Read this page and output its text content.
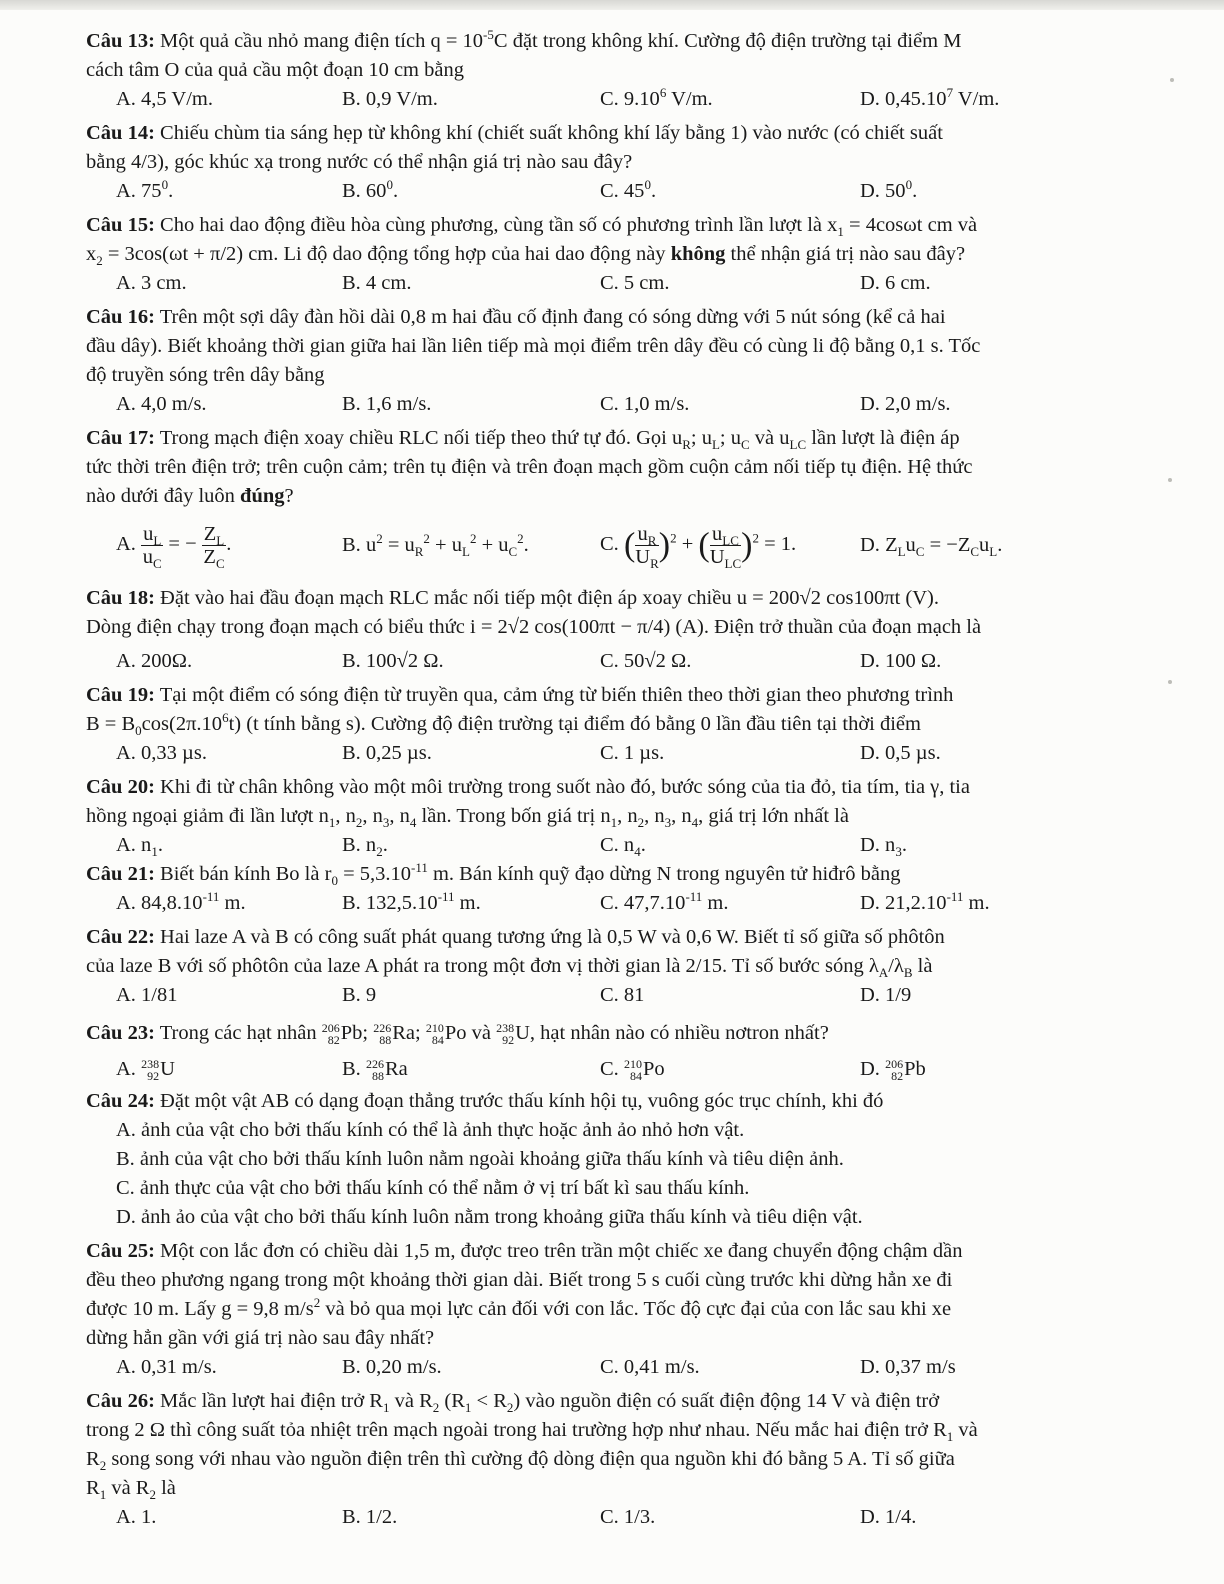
Câu 13: Một quả cầu nhỏ mang điện tích $q = 10^{-5}C$ đặt trong không khí. Cường độ điện trường tại điểm M
cách tâm O của quả cầu một đoạn 10 cm bằng
A. 4,5 V/m.	B. 0,9 V/m.	C. 9.10$^6$ V/m.	D. 0,45.10$^7$ V/m.
Câu 14: Chiếu chùm tia sáng hẹp từ không khí (chiết suất không khí lấy bằng 1) vào nước (có chiết suất
bằng 4/3), góc khúc xạ trong nước có thể nhận giá trị nào sau đây?
A. $75^0$.	B. $60^0$.	C. $45^0$.	D. $50^0$.
Câu 15: Cho hai dao động điều hòa cùng phương, cùng tần số có phương trình lần lượt là $x_1 = 4\cos\omega t$ cm và
$x_2 = 3\cos(\omega t + \pi/2)$ cm. Li độ dao động tổng hợp của hai dao động này không thể nhận giá trị nào sau đây?
A. 3 cm.	B. 4 cm.	C. 5 cm.	D. 6 cm.
Câu 16: Trên một sợi dây đàn hồi dài 0,8 m hai đầu cố định đang có sóng dừng với 5 nút sóng (kể cả hai
đầu dây). Biết khoảng thời gian giữa hai lần liên tiếp mà mọi điểm trên dây đều có cùng li độ bằng 0,1 s. Tốc
độ truyền sóng trên dây bằng
A. 4,0 m/s.	B. 1,6 m/s.	C. 1,0 m/s.	D. 2,0 m/s.
Câu 17: Trong mạch điện xoay chiều RLC nối tiếp theo thứ tự đó. Gọi $u_R$; $u_L$; $u_C$ và $u_{LC}$ lần lượt là điện áp
tức thời trên điện trở; trên cuộn cảm; trên tụ điện và trên đoạn mạch gồm cuộn cảm nối tiếp tụ điện. Hệ thức
nào dưới đây luôn đúng?
A. $\frac{u_L}{u_C}$ = − $\frac{Z_L}{Z_C}$ .	B. $u^2 = u_R^2 + u_L^2 + u_C^2$.	C. ( $\frac{u_R}{U_R} )^2$ + ( $u_{LC}$
$U_{LC}$
)$^2$ = 1.	D. $Z_Lu_C = -Z_Cu_L$.
Câu 18: Đặt vào hai đầu đoạn mạch RLC mắc nối tiếp một điện áp xoay chiều u = 200√2 cos100πt (V).
Dòng điện chạy trong đoạn mạch có biểu thức i = 2√2 cos(100πt − π/4) (A). Điện trở thuần của đoạn mạch là
A. 200Ω.	B. 100√2 Ω.	C. 50√2 Ω.	D. 100 Ω.
Câu 19: Tại một điểm có sóng điện từ truyền qua, cảm ứng từ biến thiên theo thời gian theo phương trình
$B = B_0\cos(2\pi.10^6t)$ (t tính bằng s). Cường độ điện trường tại điểm đó bằng 0 lần đầu tiên tại thời điểm
A. 0,33 µs.	B. 0,25 µs.	C. 1 µs.	D. 0,5 µs.
Câu 20: Khi đi từ chân không vào một môi trường trong suốt nào đó, bước sóng của tia đỏ, tia tím, tia γ, tia
hồng ngoại giảm đi lần lượt $n_1$, $n_2$, $n_3$, $n_4$ lần. Trong bốn giá trị $n_1$, $n_2$, $n_3$, $n_4$, giá trị lớn nhất là
A. $n_1$.	B. $n_2$.	C. $n_4$.	D. $n_3$.
Câu 21: Biết bán kính Bo là $r_0 = 5,3.10^{-11}$ m. Bán kính quỹ đạo dừng N trong nguyên tử hiđrô bằng
A. $84,8.10^{-11}$ m.	B. $132,5.10^{-11}$ m.	C. $47,7.10^{-11}$ m.	D. $21,2.10^{-11}$ m.
Câu 22: Hai laze A và B có công suất phát quang tương ứng là 0,5 W và 0,6 W. Biết tỉ số giữa số phôtôn
của laze B với số phôtôn của laze A phát ra trong một đơn vị thời gian là 2/15. Tỉ số bước sóng $\lambda_A/\lambda_B$ là
A. 1/81	B. 9	C. 81	D. 1/9
Câu 23: Trong các hạt nhân 206
82 Pb; 226
88 Ra; 210
84 Po và 238
92 U, hạt nhân nào có nhiều nơtron nhất?
A. 238
92 U	B. 226
88 Ra	C. 210
84 Po	D. 206
82 Pb
Câu 24: Đặt một vật AB có dạng đoạn thẳng trước thấu kính hội tụ, vuông góc trục chính, khi đó
A. ảnh của vật cho bởi thấu kính có thể là ảnh thực hoặc ảnh ảo nhỏ hơn vật.
B. ảnh của vật cho bởi thấu kính luôn nằm ngoài khoảng giữa thấu kính và tiêu diện ảnh.
C. ảnh thực của vật cho bởi thấu kính có thể nằm ở vị trí bất kì sau thấu kính.
D. ảnh ảo của vật cho bởi thấu kính luôn nằm trong khoảng giữa thấu kính và tiêu diện vật.
Câu 25: Một con lắc đơn có chiều dài 1,5 m, được treo trên trần một chiếc xe đang chuyển động chậm dần
đều theo phương ngang trong một khoảng thời gian dài. Biết trong 5 s cuối cùng trước khi dừng hẳn xe đi
được 10 m. Lấy g = 9,8 $m/s^2$ và bỏ qua mọi lực cản đối với con lắc. Tốc độ cực đại của con lắc sau khi xe
dừng hẳn gần với giá trị nào sau đây nhất?
A. 0,31 m/s.	B. 0,20 m/s.	C. 0,41 m/s.	D. 0,37 m/s
Câu 26: Mắc lần lượt hai điện trở $R_1$ và $R_2$ $(R_1 < R_2)$ vào nguồn điện có suất điện động 14 V và điện trở
trong 2 Ω thì công suất tỏa nhiệt trên mạch ngoài trong hai trường hợp như nhau. Nếu mắc hai điện trở $R_1$ và
$R_2$ song song với nhau vào nguồn điện trên thì cường độ dòng điện qua nguồn khi đó bằng 5 A. Tỉ số giữa
$R_1$ và $R_2$ là
A. 1.	B. 1/2.	C. 1/3.	D. 1/4.
